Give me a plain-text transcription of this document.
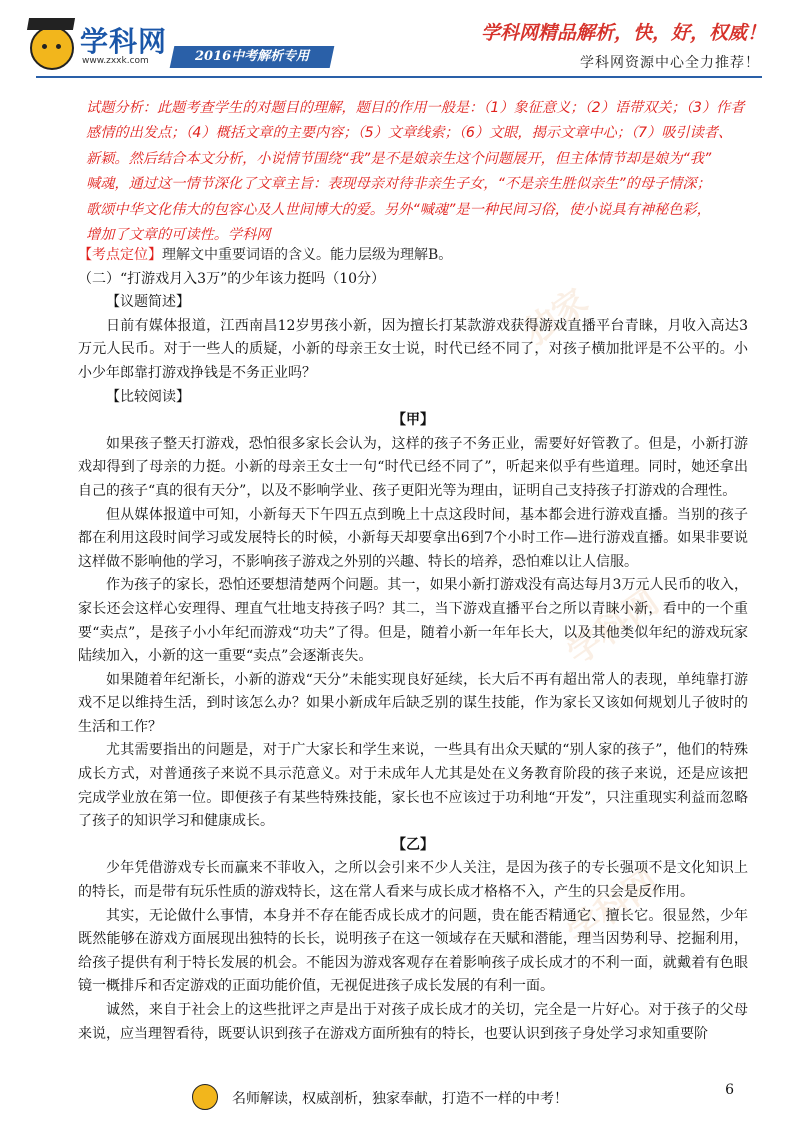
学科网
www.zxxk.com	2016中考解析专用
学科网精品解析，快，好，权威！
学科网资源中心全力推荐！
独家
学科网
学科网

试题分析：此题考查学生的对题目的理解，题目的作用一般是：（1）象征意义；（2）语带双关；（3）作者

感情的出发点；（4）概括文章的主要内容；（5）文章线索；（6）文眼，揭示文章中心；（7）吸引读者、

新颖。然后结合本文分析，小说情节围绕“我”是不是娘亲生这个问题展开，但主体情节却是娘为“我”

喊魂，通过这一情节深化了文章主旨：表现母亲对待非亲生子女，“不是亲生胜似亲生”的母子情深；

歌颂中华文化伟大的包容心及人世间博大的爱。另外“喊魂”是一种民间习俗，使小说具有神秘色彩，

增加了文章的可读性。学科网

【考点定位】理解文中重要词语的含义。能力层级为理解B。

（二）“打游戏月入3万”的少年该力挺吗（10分）

【议题简述】

日前有媒体报道，江西南昌12岁男孩小新，因为擅长打某款游戏获得游戏直播平台青睐，月收入高达3万元人民币。对于一些人的质疑，小新的母亲王女士说，时代已经不同了，对孩子横加批评是不公平的。小小少年郎靠打游戏挣钱是不务正业吗？

【比较阅读】

【甲】

如果孩子整天打游戏，恐怕很多家长会认为，这样的孩子不务正业，需要好好管教了。但是，小新打游戏却得到了母亲的力挺。小新的母亲王女士一句“时代已经不同了”，听起来似乎有些道理。同时，她还拿出自己的孩子“真的很有天分”，以及不影响学业、孩子更阳光等为理由，证明自己支持孩子打游戏的合理性。

但从媒体报道中可知，小新每天下午四五点到晚上十点这段时间，基本都会进行游戏直播。当别的孩子都在利用这段时间学习或发展特长的时候，小新每天却要拿出6到7个小时工作—进行游戏直播。如果非要说这样做不影响他的学习，不影响孩子游戏之外别的兴趣、特长的培养，恐怕难以让人信服。

作为孩子的家长，恐怕还要想清楚两个问题。其一，如果小新打游戏没有高达每月3万元人民币的收入，家长还会这样心安理得、理直气壮地支持孩子吗？其二，当下游戏直播平台之所以青睐小新，看中的一个重要“卖点”，是孩子小小年纪而游戏“功夫”了得。但是，随着小新一年年长大，以及其他类似年纪的游戏玩家陆续加入，小新的这一重要“卖点”会逐渐丧失。

如果随着年纪渐长，小新的游戏“天分”未能实现良好延续，长大后不再有超出常人的表现，单纯靠打游戏不足以维持生活，到时该怎么办？如果小新成年后缺乏别的谋生技能，作为家长又该如何规划儿子彼时的生活和工作？

尤其需要指出的问题是，对于广大家长和学生来说，一些具有出众天赋的“别人家的孩子”，他们的特殊成长方式，对普通孩子来说不具示范意义。对于未成年人尤其是处在义务教育阶段的孩子来说，还是应该把完成学业放在第一位。即便孩子有某些特殊技能，家长也不应该过于功利地“开发”，只注重现实利益而忽略了孩子的知识学习和健康成长。

【乙】

少年凭借游戏专长而赢来不菲收入，之所以会引来不少人关注，是因为孩子的专长强项不是文化知识上的特长，而是带有玩乐性质的游戏特长，这在常人看来与成长成才格格不入，产生的只会是反作用。

其实，无论做什么事情，本身并不存在能否成长成才的问题，贵在能否精通它、擅长它。很显然，少年既然能够在游戏方面展现出独特的长长，说明孩子在这一领域存在天赋和潜能，理当因势利导、挖掘利用，给孩子提供有利于特长发展的机会。不能因为游戏客观存在着影响孩子成长成才的不利一面，就戴着有色眼镜一概排斥和否定游戏的正面功能价值，无视促进孩子成长发展的有利一面。

诚然，来自于社会上的这些批评之声是出于对孩子成长成才的关切，完全是一片好心。对于孩子的父母来说，应当理智看待，既要认识到孩子在游戏方面所独有的特长，也要认识到孩子身处学习求知重要阶

名师解读，权威剖析，独家奉献，打造不一样的中考！
6
